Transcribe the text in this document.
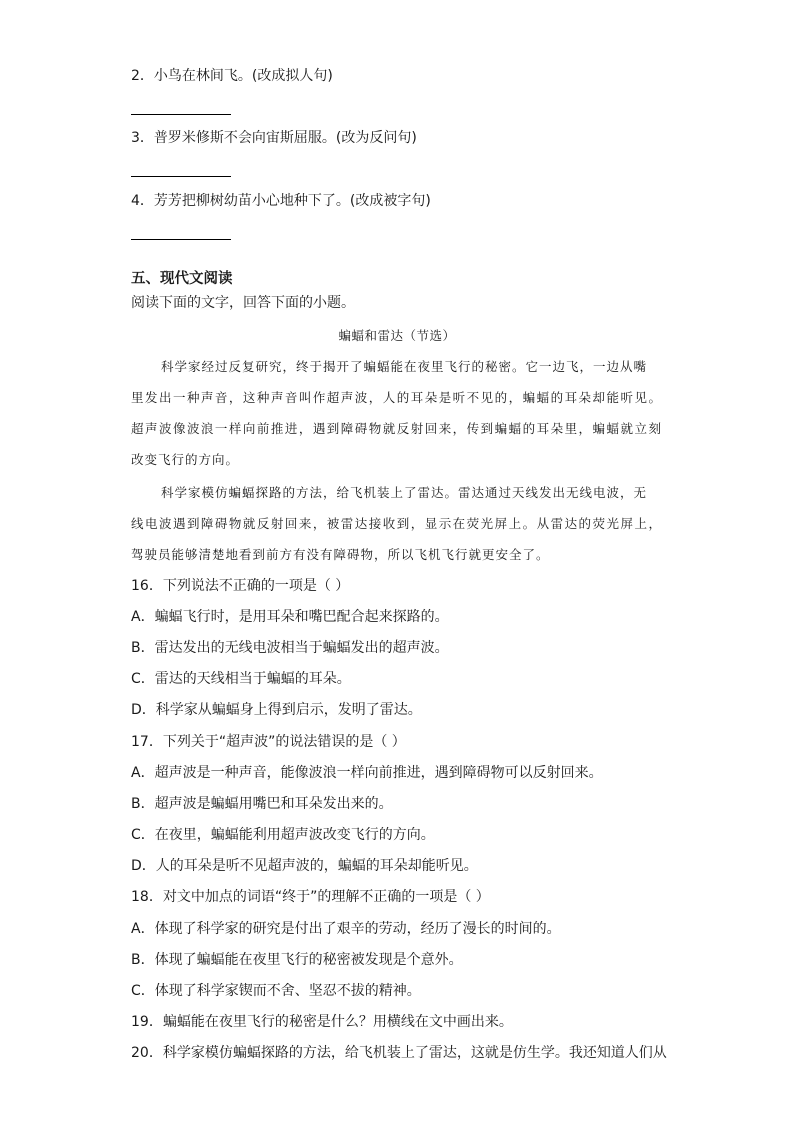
2．小鸟在林间飞。(改成拟人句)
3．普罗米修斯不会向宙斯屈服。(改为反问句)
4．芳芳把柳树幼苗小心地种下了。(改成被字句)
五、现代文阅读
阅读下面的文字，回答下面的小题。
蝙蝠和雷达（节选）
科学家经过反复研究，终于揭开了蝙蝠能在夜里飞行的秘密。它一边飞，一边从嘴
里发出一种声音，这种声音叫作超声波，人的耳朵是听不见的，蝙蝠的耳朵却能听见。
超声波像波浪一样向前推进，遇到障碍物就反射回来，传到蝙蝠的耳朵里，蝙蝠就立刻
改变飞行的方向。
科学家模仿蝙蝠探路的方法，给飞机装上了雷达。雷达通过天线发出无线电波，无
线电波遇到障碍物就反射回来，被雷达接收到，显示在荧光屏上。从雷达的荧光屏上，
驾驶员能够清楚地看到前方有没有障碍物，所以飞机飞行就更安全了。
16．下列说法不正确的一项是（ ）
A．蝙蝠飞行时，是用耳朵和嘴巴配合起来探路的。
B．雷达发出的无线电波相当于蝙蝠发出的超声波。
C．雷达的天线相当于蝙蝠的耳朵。
D．科学家从蝙蝠身上得到启示，发明了雷达。
17．下列关于“超声波”的说法错误的是（ ）
A．超声波是一种声音，能像波浪一样向前推进，遇到障碍物可以反射回来。
B．超声波是蝙蝠用嘴巴和耳朵发出来的。
C．在夜里，蝙蝠能利用超声波改变飞行的方向。
D．人的耳朵是听不见超声波的，蝙蝠的耳朵却能听见。
18．对文中加点的词语“终于”的理解不正确的一项是（ ）
A．体现了科学家的研究是付出了艰辛的劳动，经历了漫长的时间的。
B．体现了蝙蝠能在夜里飞行的秘密被发现是个意外。
C．体现了科学家锲而不舍、坚忍不拔的精神。
19．蝙蝠能在夜里飞行的秘密是什么？用横线在文中画出来。
20．科学家模仿蝙蝠探路的方法，给飞机装上了雷达，这就是仿生学。我还知道人们从
